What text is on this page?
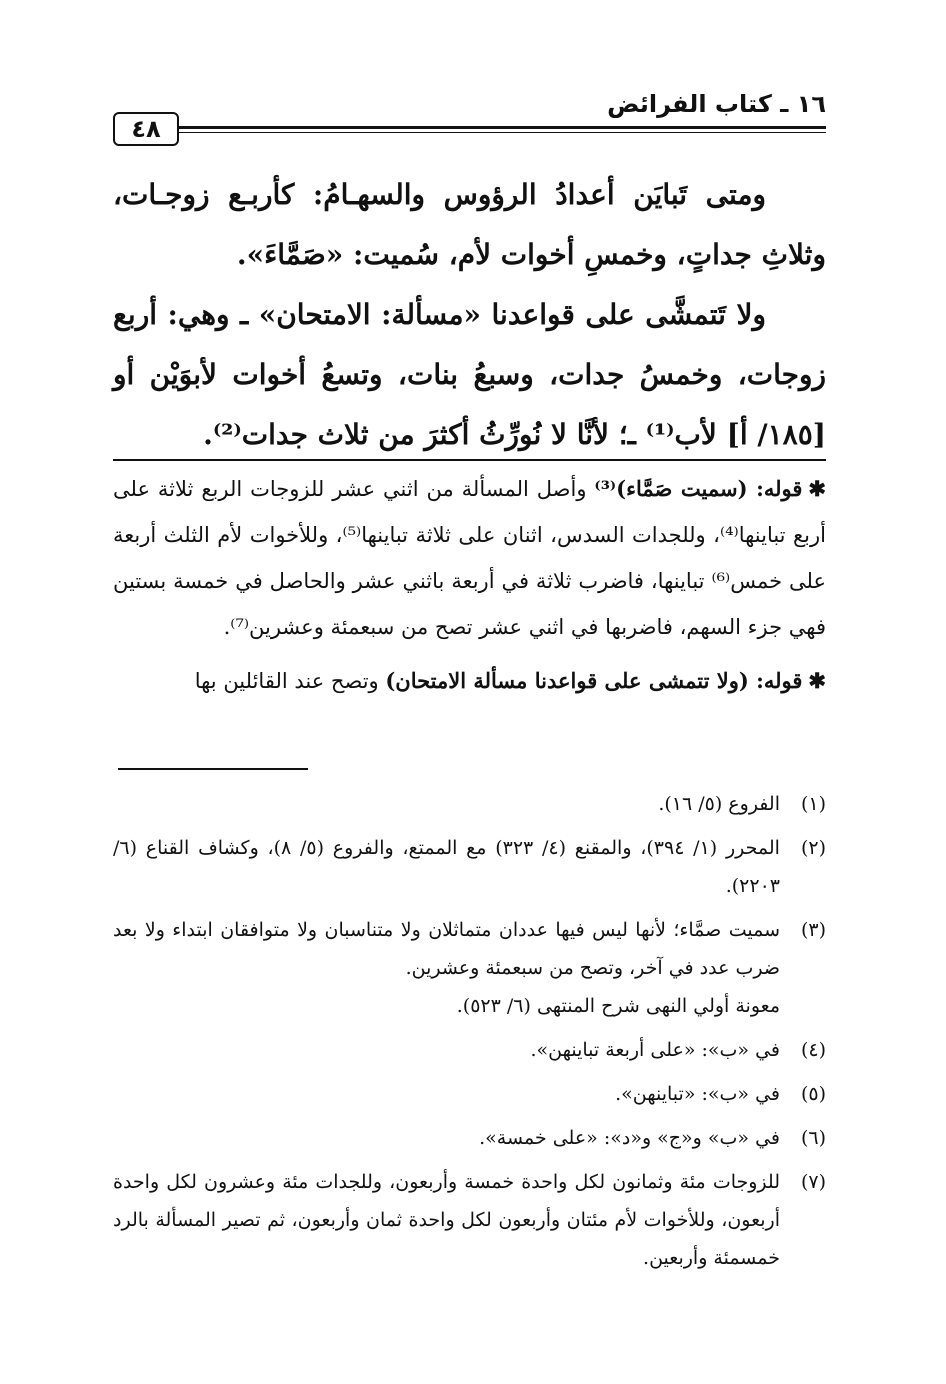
١٦ ـ كتاب الفرائض
٤٨

ومتى تَبايَن أعدادُ الرؤوس والسهـامُ: كأربـع زوجـات، وثلاثِ جداتٍ، وخمسِ أخوات لأم، سُميت: «صَمَّاءَ».

ولا تَتمشَّى على قواعدنا «مسألة: الامتحان» ـ وهي: أربع زوجات، وخمسُ جدات، وسبعُ بنات، وتسعُ أخوات لأبوَيْن أو [١٨٥/ أ] لأب⁽¹⁾ ـ؛ لأنَّا لا نُورِّثُ أكثرَ من ثلاث جدات⁽²⁾.

✱قوله: (سميت صَمَّاء)⁽³⁾ وأصل المسألة من اثني عشر للزوجات الربع ثلاثة على أربع تباينها⁽⁴⁾، وللجدات السدس، اثنان على ثلاثة تباينها⁽⁵⁾، وللأخوات لأم الثلث أربعة على خمس⁽⁶⁾ تباينها، فاضرب ثلاثة في أربعة باثني عشر والحاصل في خمسة بستين فهي جزء السهم، فاضربها في اثني عشر تصح من سبعمئة وعشرين⁽⁷⁾.

✱قوله: (ولا تتمشى على قواعدنا مسألة الامتحان) وتصح عند القائلين بها

(١)
الفروع (٥/ ١٦).
(٢)
المحرر (١/ ٣٩٤)، والمقنع (٤/ ٣٢٣) مع الممتع، والفروع (٥/ ٨)، وكشاف القناع (٦/ ٢٢٠٣).
(٣)
سميت صمَّاء؛ لأنها ليس فيها عددان متماثلان ولا متناسبان ولا متوافقان ابتداء ولا بعد ضرب عدد في آخر، وتصح من سبعمئة وعشرين.
معونة أولي النهى شرح المنتهى (٦/ ٥٢٣).
(٤)
في «ب»: «على أربعة تباينهن».
(٥)
في «ب»: «تباينهن».
(٦)
في «ب» و«ج» و«د»: «على خمسة».
(٧)
للزوجات مئة وثمانون لكل واحدة خمسة وأربعون، وللجدات مئة وعشرون لكل واحدة أربعون، وللأخوات لأم مئتان وأربعون لكل واحدة ثمان وأربعون، ثم تصير المسألة بالرد خمسمئة وأربعين.
